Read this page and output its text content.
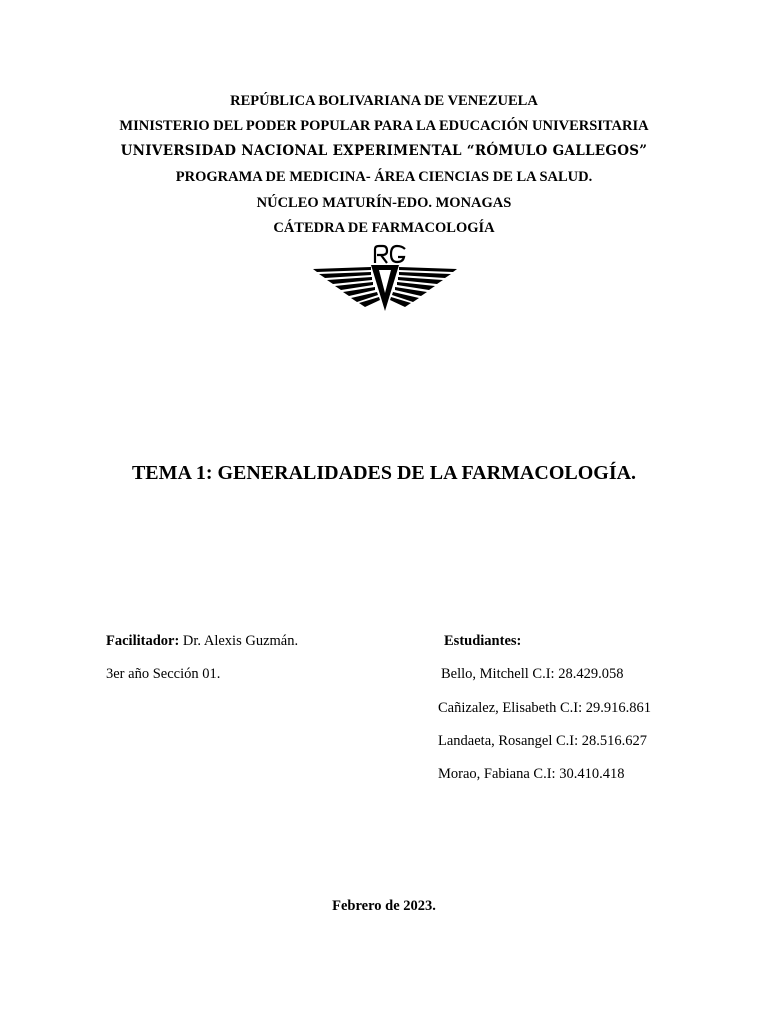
REPÚBLICA BOLIVARIANA DE VENEZUELA
MINISTERIO DEL PODER POPULAR PARA LA EDUCACIÓN UNIVERSITARIA
UNIVERSIDAD NACIONAL EXPERIMENTAL “RÓMULO GALLEGOS”
PROGRAMA DE MEDICINA- ÁREA CIENCIAS DE LA SALUD.
NÚCLEO MATURÍN-EDO. MONAGAS
CÁTEDRA DE FARMACOLOGÍA
TEMA 1: GENERALIDADES DE LA FARMACOLOGÍA.
Facilitador: Dr. Alexis Guzmán.
3er año Sección 01.
Estudiantes:
Bello, Mitchell C.I: 28.429.058
Cañizalez, Elisabeth C.I: 29.916.861
Landaeta, Rosangel C.I: 28.516.627
Morao, Fabiana C.I: 30.410.418
Febrero de 2023.
